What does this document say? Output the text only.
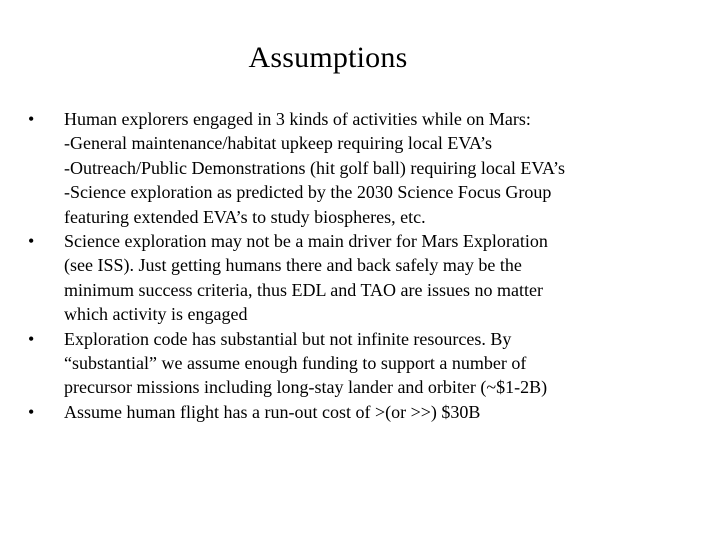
Assumptions
•	Human explorers engaged in 3 kinds of activities while on Mars:
-General maintenance/habitat upkeep requiring local EVA’s
-Outreach/Public Demonstrations (hit golf ball) requiring local EVA’s
-Science exploration as predicted by the 2030 Science Focus Group
featuring extended EVA’s to study biospheres, etc.
•	Science exploration may not be a main driver for Mars Exploration
(see ISS). Just getting humans there and back safely may be the
minimum success criteria, thus EDL and TAO are issues no matter
which activity is engaged
•	Exploration code has substantial but not infinite resources. By
“substantial” we assume enough funding to support a number of
precursor missions including long-stay lander and orbiter (~$1-2B)
•	Assume human flight has a run-out cost of >(or >>) $30B
